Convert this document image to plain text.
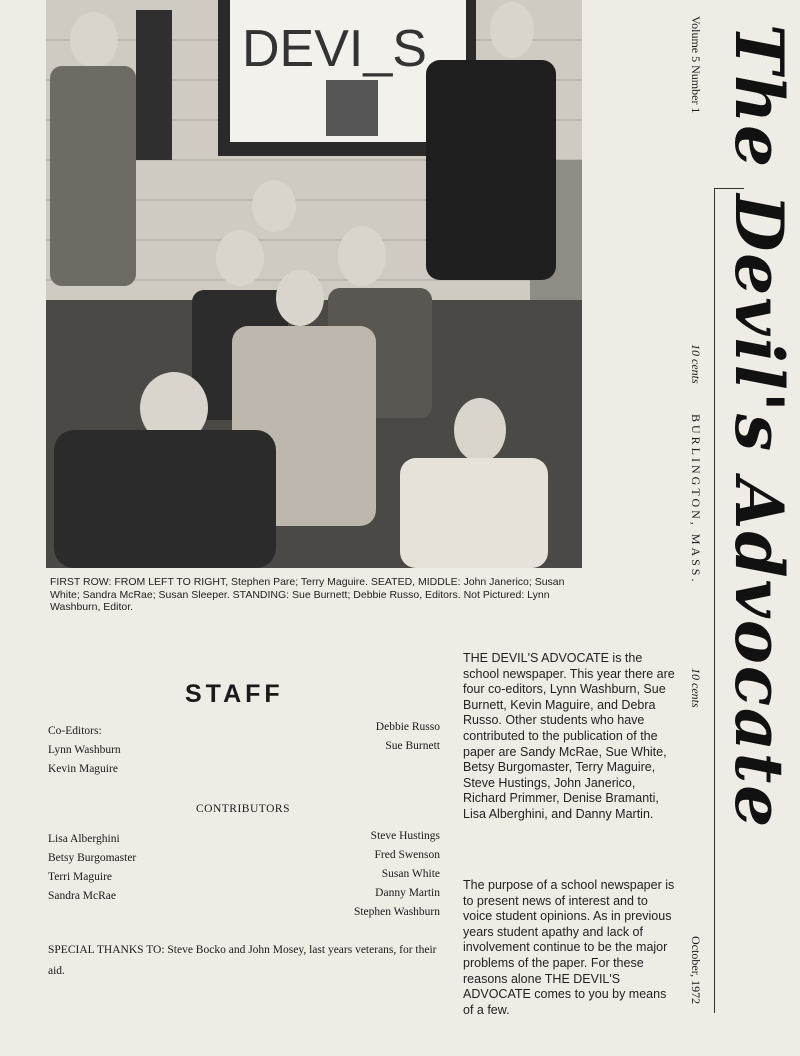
DEVI_S
FIRST ROW: FROM LEFT TO RIGHT, Stephen Pare; Terry Maguire. SEATED, MIDDLE: John Janerico; Susan White; Sandra McRae; Susan Sleeper. STANDING: Sue Burnett; Debbie Russo, Editors. Not Pictured: Lynn Washburn, Editor.
STAFF
Co-Editors:
Lynn Washburn
Kevin Maguire
Debbie Russo
Sue Burnett
CONTRIBUTORS
Lisa Alberghini
Betsy Burgomaster
Terri Maguire
Sandra McRae
Steve Hustings
Fred Swenson
Susan White
Danny Martin
Stephen Washburn
SPECIAL THANKS TO: Steve Bocko and John Mosey, last years veterans, for their aid.
THE DEVIL'S ADVOCATE is the school newspaper. This year there are four co-editors, Lynn Washburn, Sue Burnett, Kevin Maguire, and Debra Russo. Other students who have contributed to the publication of the paper are Sandy McRae, Sue White, Betsy Burgomaster, Terry Maguire, Steve Hustings, John Janerico, Richard Primmer, Denise Bramanti, Lisa Alberghini, and Danny Martin.
The purpose of a school newspaper is to present news of interest and to voice student opinions. As in previous years student apathy and lack of involvement continue to be the major problems of the paper. For these reasons alone THE DEVIL'S ADVOCATE comes to you by means of a few.
Volume 5 Number 1
10 cents
BURLINGTON, MASS.
10 cents
October, 1972
The Devil's Advocate
